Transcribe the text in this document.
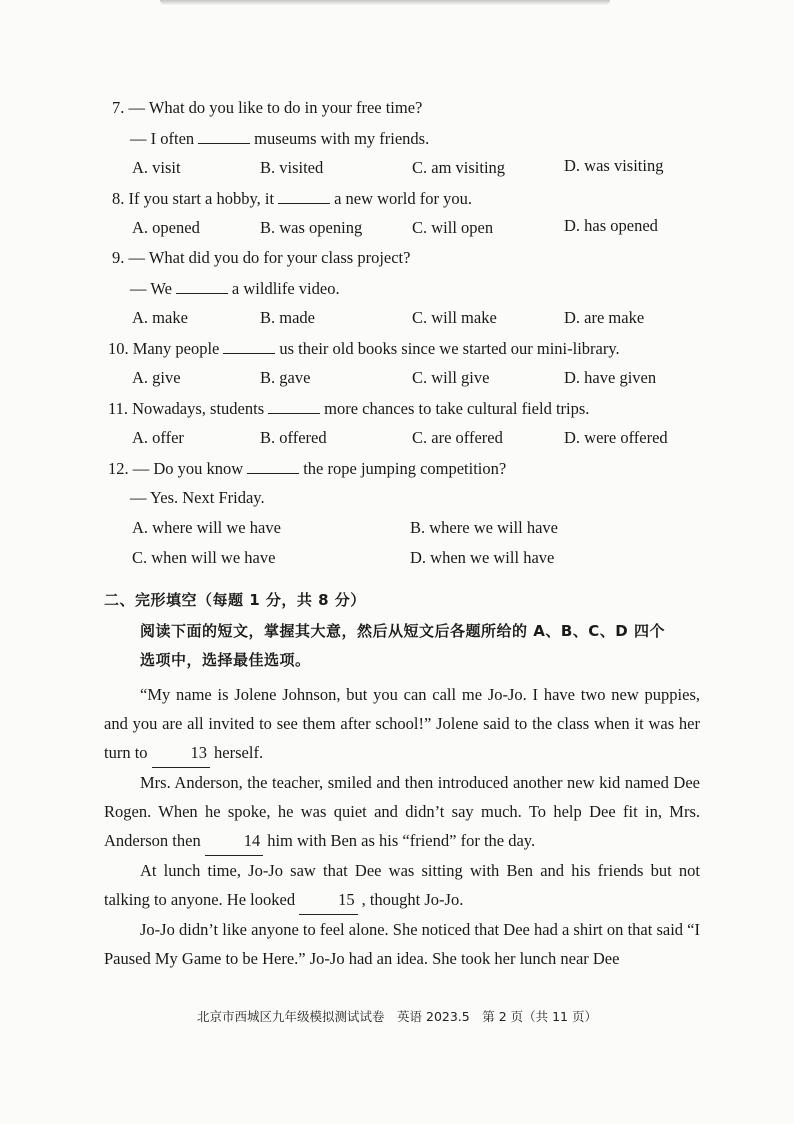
7. — What do you like to do in your free time?
— I often	museums with my friends.
A. visit	B. visited	C. am visiting	D. was visiting
8. If you start a hobby, it	a new world for you.
A. opened	B. was opening	C. will open	D. has opened
9. — What did you do for your class project?
— We	a wildlife video.
A. make	B. made	C. will make	D. are make
10. Many people	us their old books since we started our mini-library.
A. give	B. gave	C. will give	D. have given
11. Nowadays, students	more chances to take cultural field trips.
A. offer	B. offered	C. are offered	D. were offered
12. — Do you know	the rope jumping competition?
— Yes. Next Friday.
A. where will we have	B. where we will have
C. when will we have	D. when we will have
二、完形填空（每题 1 分，共 8 分）
阅读下面的短文，掌握其大意，然后从短文后各题所给的 A、B、C、D 四个
选项中，选择最佳选项。

“My name is Jolene Johnson, but you can call me Jo-Jo. I have two new puppies, and you are all invited to see them after school!” Jolene said to the class when it was her turn to	13 herself.

Mrs. Anderson, the teacher, smiled and then introduced another new kid named Dee Rogen. When he spoke, he was quiet and didn’t say much. To help Dee fit in, Mrs. Anderson then	14 him with Ben as his “friend” for the day.

At lunch time, Jo-Jo saw that Dee was sitting with Ben and his friends but not talking to anyone. He looked	15 , thought Jo-Jo.

Jo-Jo didn’t like anyone to feel alone. She noticed that Dee had a shirt on that said “I Paused My Game to be Here.” Jo-Jo had an idea. She took her lunch near Dee

北京市西城区九年级模拟测试试卷　英语 2023.5　第 2 页（共 11 页）
